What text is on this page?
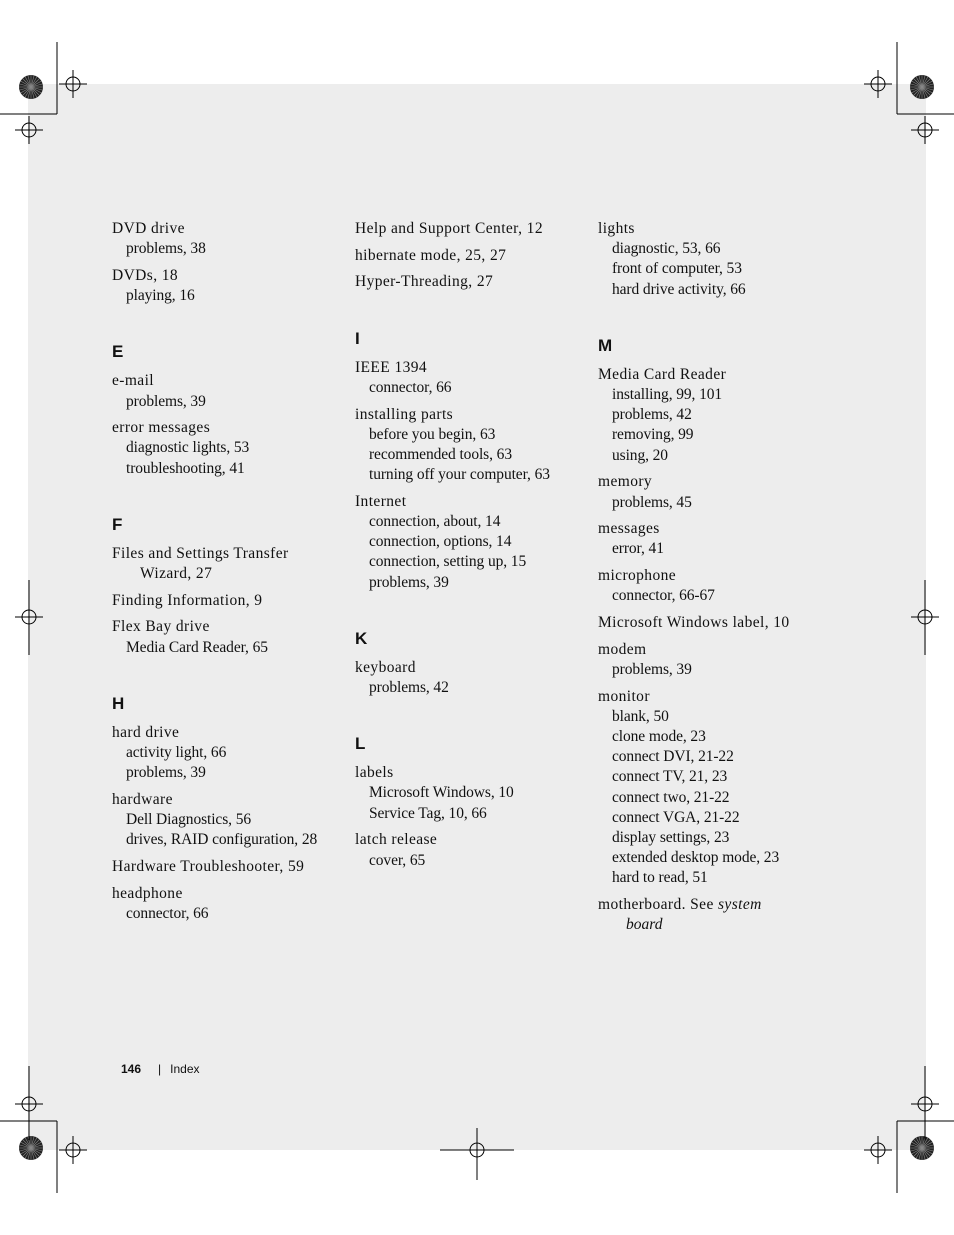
DVD drive
problems, 38
DVDs, 18
playing, 16
E
e-mail
problems, 39
error messages
diagnostic lights, 53
troubleshooting, 41
F
Files and Settings Transfer
Wizard, 27
Finding Information, 9
Flex Bay drive
Media Card Reader, 65
H
hard drive
activity light, 66
problems, 39
hardware
Dell Diagnostics, 56
drives, RAID configuration, 28
Hardware Troubleshooter, 59
headphone
connector, 66
Help and Support Center, 12
hibernate mode, 25, 27
Hyper-Threading, 27
I
IEEE 1394
connector, 66
installing parts
before you begin, 63
recommended tools, 63
turning off your computer, 63
Internet
connection, about, 14
connection, options, 14
connection, setting up, 15
problems, 39
K
keyboard
problems, 42
L
labels
Microsoft Windows, 10
Service Tag, 10, 66
latch release
cover, 65
lights
diagnostic, 53, 66
front of computer, 53
hard drive activity, 66
M
Media Card Reader
installing, 99, 101
problems, 42
removing, 99
using, 20
memory
problems, 45
messages
error, 41
microphone
connector, 66-67
Microsoft Windows label, 10
modem
problems, 39
monitor
blank, 50
clone mode, 23
connect DVI, 21-22
connect TV, 21, 23
connect two, 21-22
connect VGA, 21-22
display settings, 23
extended desktop mode, 23
hard to read, 51
motherboard. See system
board
146 | Index
